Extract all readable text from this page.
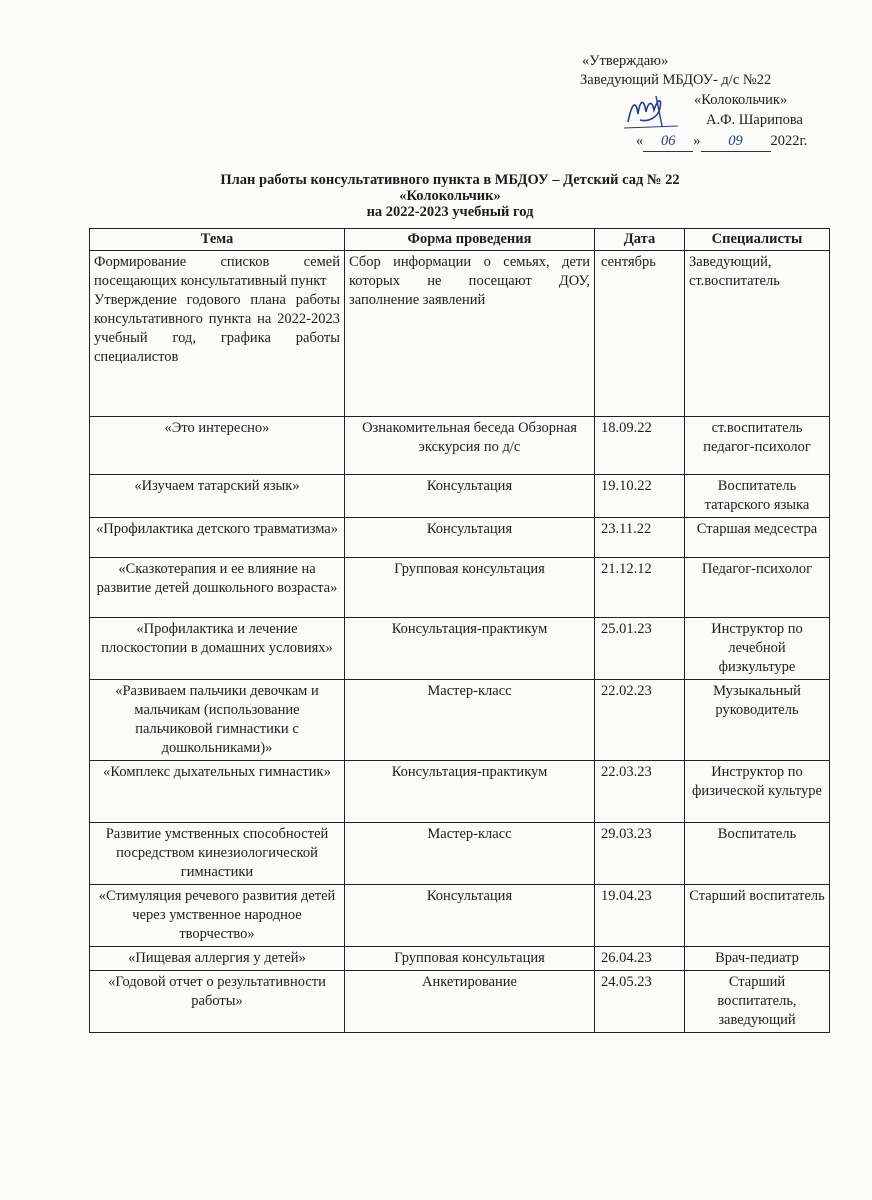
«Утверждаю»
Заведующий МБДОУ- д/с №22
«Колокольчик»
А.Ф. Шарипова
« 06 » 09 2022г.
План работы консультативного пункта в МБДОУ – Детский сад № 22
«Колокольчик»
на 2022-2023 учебный год
Тема	Форма проведения	Дата	Специалисты
Формирование списков семей посещающих консультативный пункт
Утверждение годового плана работы консультативного пункта на 2022-2023 учебный год, графика работы специалистов	Сбор информации о семьях, дети которых не посещают ДОУ, заполнение заявлений	сентябрь	Заведующий, ст.воспитатель
«Это интересно»	Ознакомительная беседа Обзорная экскурсия по д/с	18.09.22	ст.воспитатель педагог-психолог
«Изучаем татарский язык»	Консультация	19.10.22	Воспитатель татарского языка
«Профилактика детского травматизма»	Консультация	23.11.22	Старшая медсестра
«Сказкотерапия и ее влияние на развитие детей дошкольного возраста»	Групповая консультация	21.12.12	Педагог-психолог
«Профилактика и лечение плоскостопии в домашних условиях»	Консультация-практикум	25.01.23	Инструктор по лечебной физкультуре
«Развиваем пальчики девочкам и мальчикам (использование пальчиковой гимнастики с дошкольниками)»	Мастер-класс	22.02.23	Музыкальный руководитель
«Комплекс дыхательных гимнастик»	Консультация-практикум	22.03.23	Инструктор по физической культуре
Развитие умственных способностей посредством кинезиологической гимнастики	Мастер-класс	29.03.23	Воспитатель
«Стимуляция речевого развития детей через умственное народное творчество»	Консультация	19.04.23	Старший воспитатель
«Пищевая аллергия у детей»	Групповая консультация	26.04.23	Врач-педиатр
«Годовой отчет о результативности работы»	Анкетирование	24.05.23	Старший воспитатель, заведующий
